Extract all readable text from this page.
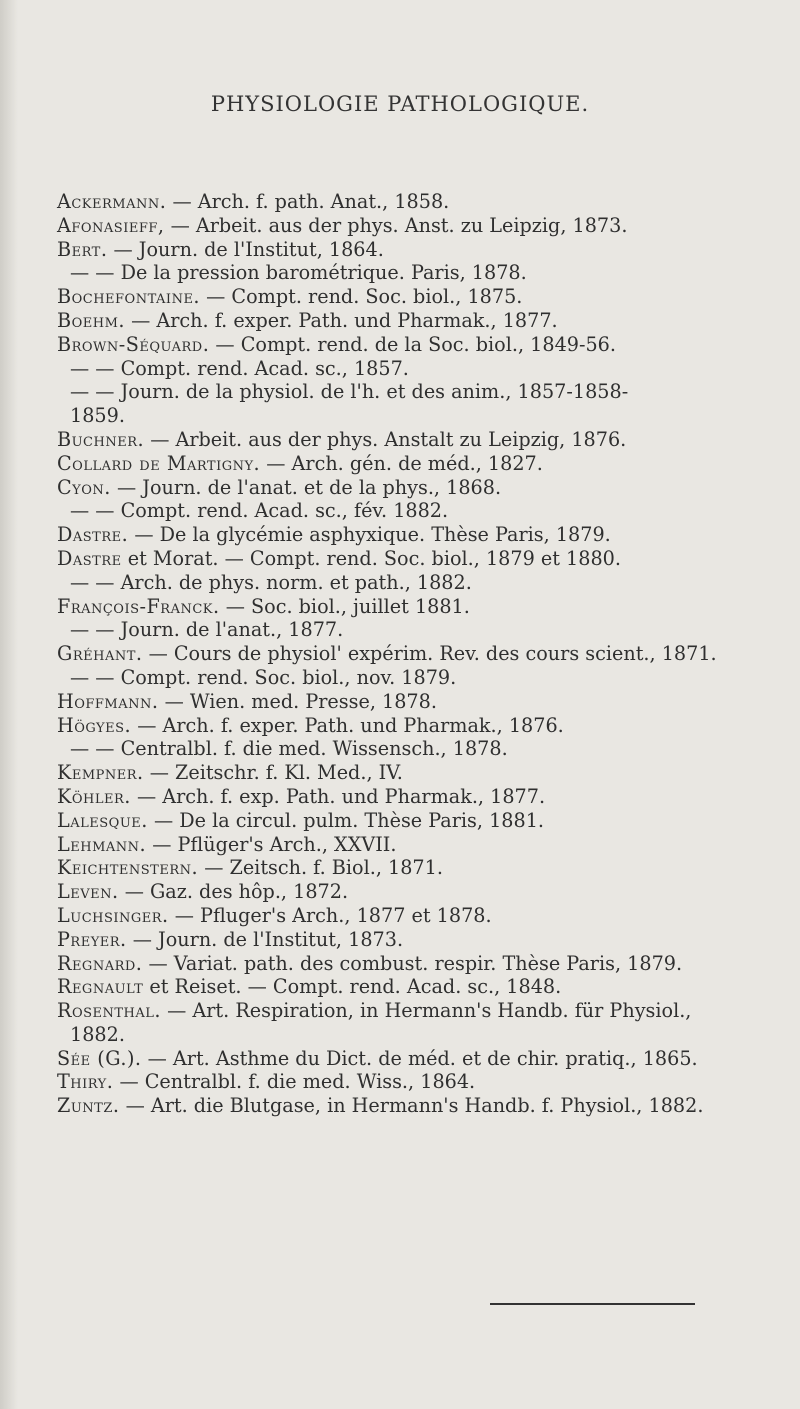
PHYSIOLOGIE PATHOLOGIQUE.
Ackermann. — Arch. f. path. Anat., 1858.
Afonasieff, — Arbeit. aus der phys. Anst. zu Leipzig, 1873.
Bert. — Journ. de l'Institut, 1864.
— — De la pression barométrique. Paris, 1878.
Bochefontaine. — Compt. rend. Soc. biol., 1875.
Boehm. — Arch. f. exper. Path. und Pharmak., 1877.
Brown-Séquard. — Compt. rend. de la Soc. biol., 1849-56.
— — Compt. rend. Acad. sc., 1857.
— — Journ. de la physiol. de l'h. et des anim., 1857-1858-
1859.
Buchner. — Arbeit. aus der phys. Anstalt zu Leipzig, 1876.
Collard de Martigny. — Arch. gén. de méd., 1827.
Cyon. — Journ. de l'anat. et de la phys., 1868.
— — Compt. rend. Acad. sc., fév. 1882.
Dastre. — De la glycémie asphyxique. Thèse Paris, 1879.
Dastre et Morat. — Compt. rend. Soc. biol., 1879 et 1880.
— — Arch. de phys. norm. et path., 1882.
François-Franck. — Soc. biol., juillet 1881.
— — Journ. de l'anat., 1877.
Gréhant. — Cours de physiol' expérim. Rev. des cours scient., 1871.
— — Compt. rend. Soc. biol., nov. 1879.
Hoffmann. — Wien. med. Presse, 1878.
Högyes. — Arch. f. exper. Path. und Pharmak., 1876.
— — Centralbl. f. die med. Wissensch., 1878.
Kempner. — Zeitschr. f. Kl. Med., IV.
Köhler. — Arch. f. exp. Path. und Pharmak., 1877.
Lalesque. — De la circul. pulm. Thèse Paris, 1881.
Lehmann. — Pflüger's Arch., XXVII.
Keichtenstern. — Zeitsch. f. Biol., 1871.
Leven. — Gaz. des hôp., 1872.
Luchsinger. — Pfluger's Arch., 1877 et 1878.
Preyer. — Journ. de l'Institut, 1873.
Regnard. — Variat. path. des combust. respir. Thèse Paris, 1879.
Regnault et Reiset. — Compt. rend. Acad. sc., 1848.
Rosenthal. — Art. Respiration, in Hermann's Handb. für Physiol.,
1882.
Sée (G.). — Art. Asthme du Dict. de méd. et de chir. pratiq., 1865.
Thiry. — Centralbl. f. die med. Wiss., 1864.
Zuntz. — Art. die Blutgase, in Hermann's Handb. f. Physiol., 1882.
